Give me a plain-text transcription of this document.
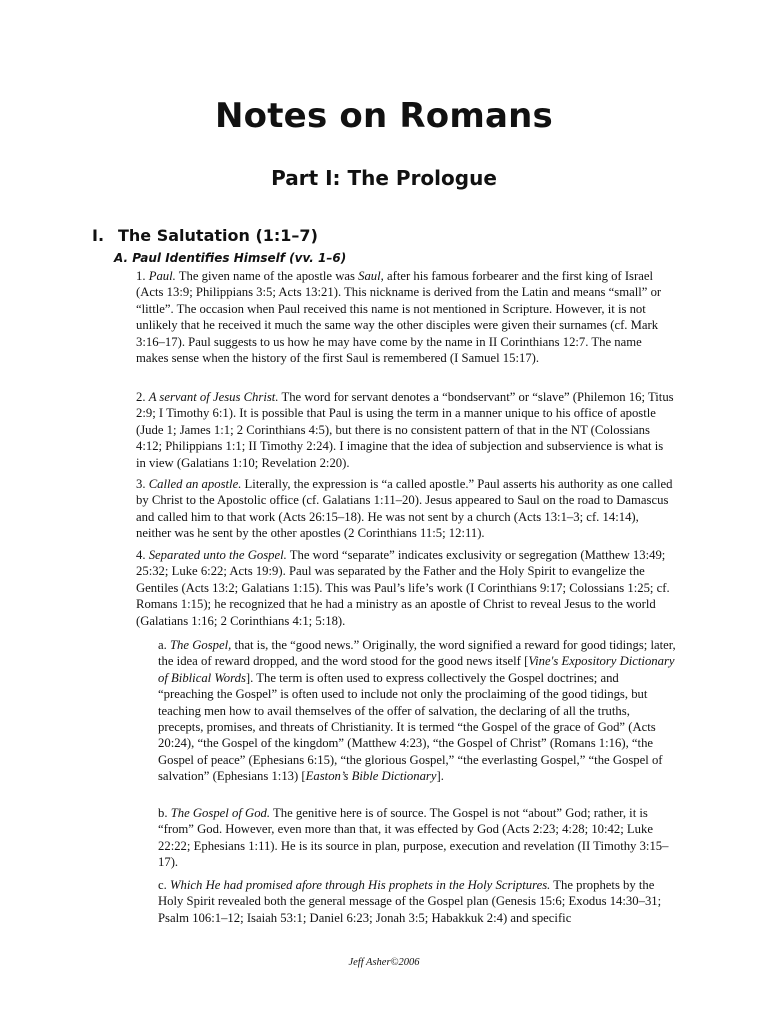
Notes on Romans
Part I: The Prologue
I. The Salutation (1:1–7)
A. Paul Identifies Himself (vv. 1–6)

1. Paul. The given name of the apostle was Saul, after his famous forbearer and the first king of Israel (Acts 13:9; Philippians 3:5; Acts 13:21). This nickname is derived from the Latin and means “small” or “little”. The occasion when Paul received this name is not mentioned in Scripture. However, it is not unlikely that he received it much the same way the other disciples were given their surnames (cf. Mark 3:16–17). Paul suggests to us how he may have come by the name in II Corinthians 12:7. The name makes sense when the history of the first Saul is remembered (I Samuel 15:17).

2. A servant of Jesus Christ. The word for servant denotes a “bondservant” or “slave” (Philemon 16; Titus 2:9; I Timothy 6:1). It is possible that Paul is using the term in a manner unique to his office of apostle (Jude 1; James 1:1; 2 Corinthians 4:5), but there is no consistent pattern of that in the NT (Colossians 4:12; Philippians 1:1; II Timothy 2:24). I imagine that the idea of subjection and subservience is what is in view (Galatians 1:10; Revelation 2:20).

3. Called an apostle. Literally, the expression is “a called apostle.” Paul asserts his authority as one called by Christ to the Apostolic office (cf. Galatians 1:11–20). Jesus appeared to Saul on the road to Damascus and called him to that work (Acts 26:15–18). He was not sent by a church (Acts 13:1–3; cf. 14:14), neither was he sent by the other apostles (2 Corinthians 11:5; 12:11).

4. Separated unto the Gospel. The word “separate” indicates exclusivity or segregation (Matthew 13:49; 25:32; Luke 6:22; Acts 19:9). Paul was separated by the Father and the Holy Spirit to evangelize the Gentiles (Acts 13:2; Galatians 1:15). This was Paul’s life’s work (I Corinthians 9:17; Colossians 1:25; cf. Romans 1:15); he recognized that he had a ministry as an apostle of Christ to reveal Jesus to the world (Galatians 1:16; 2 Corinthians 4:1; 5:18).

a. The Gospel, that is, the “good news.” Originally, the word signified a reward for good tidings; later, the idea of reward dropped, and the word stood for the good news itself [Vine's Expository Dictionary of Biblical Words]. The term is often used to express collectively the Gospel doctrines; and “preaching the Gospel” is often used to include not only the proclaiming of the good tidings, but teaching men how to avail themselves of the offer of salvation, the declaring of all the truths, precepts, promises, and threats of Christianity. It is termed “the Gospel of the grace of God” (Acts 20:24), “the Gospel of the kingdom” (Matthew 4:23), “the Gospel of Christ” (Romans 1:16), “the Gospel of peace” (Ephesians 6:15), “the glorious Gospel,” “the everlasting Gospel,” “the Gospel of salvation” (Ephesians 1:13) [Easton’s Bible Dictionary].

b. The Gospel of God. The genitive here is of source. The Gospel is not “about” God; rather, it is “from” God. However, even more than that, it was effected by God (Acts 2:23; 4:28; 10:42; Luke 22:22; Ephesians 1:11). He is its source in plan, purpose, execution and revelation (II Timothy 3:15–17).

c. Which He had promised afore through His prophets in the Holy Scriptures. The prophets by the Holy Spirit revealed both the general message of the Gospel plan (Genesis 15:6; Exodus 14:30–31; Psalm 106:1–12; Isaiah 53:1; Daniel 6:23; Jonah 3:5; Habakkuk 2:4) and specific

Jeff Asher©2006
